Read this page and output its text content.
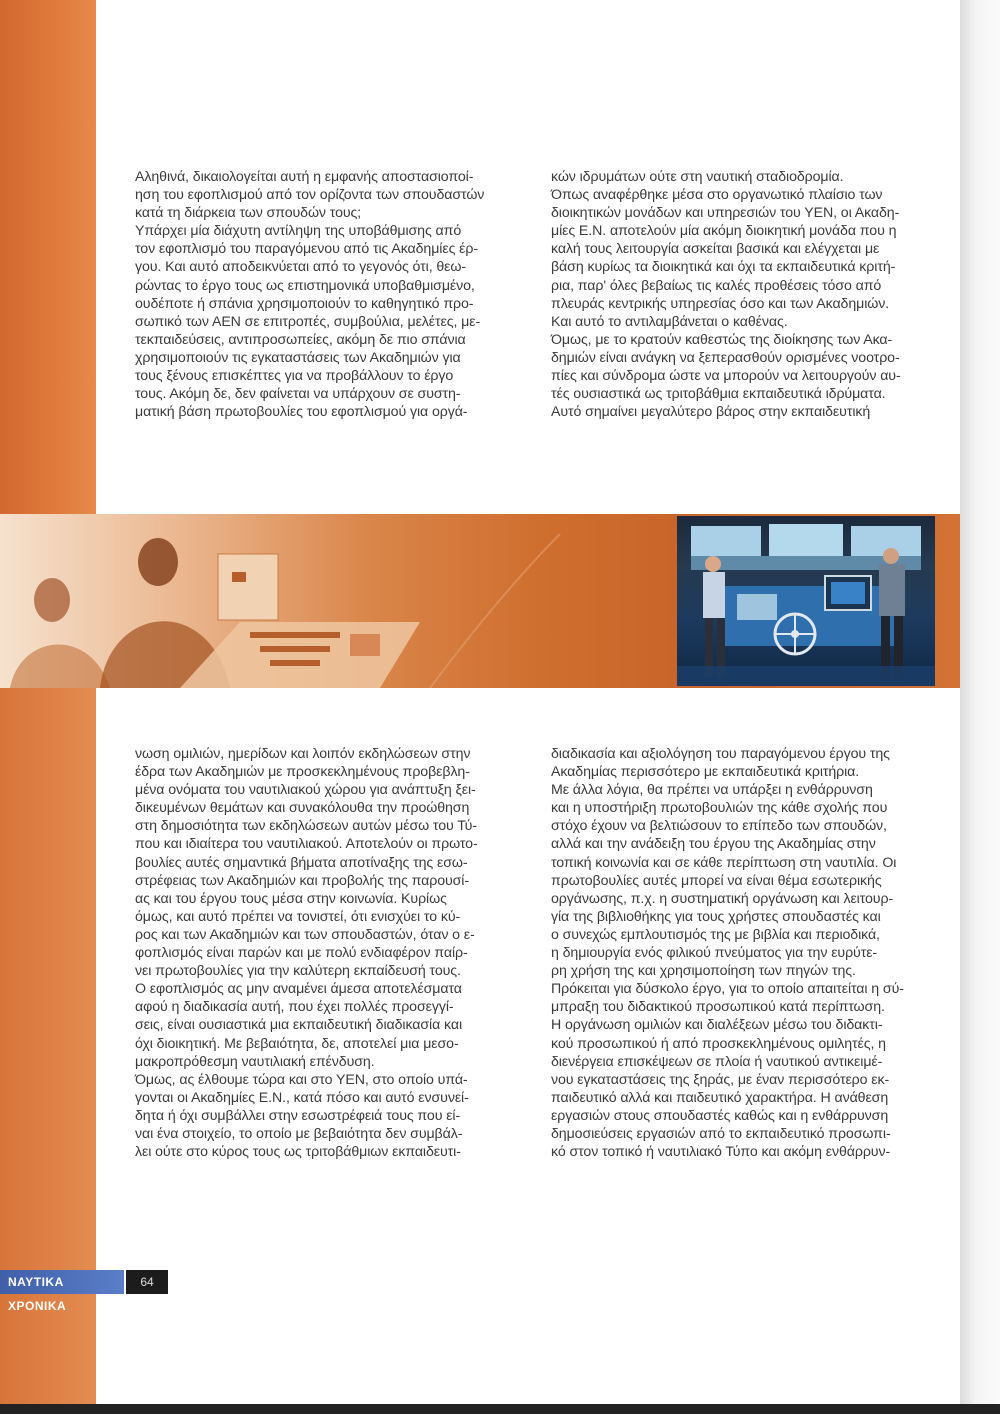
Αληθινά, δικαιολογείται αυτή η εμφανής αποστασιοποί-
ηση του εφοπλισμού από τον ορίζοντα των σπουδαστών
κατά τη διάρκεια των σπουδών τους;
Υπάρχει μία διάχυτη αντίληψη της υποβάθμισης από
τον εφοπλισμό του παραγόμενου από τις Ακαδημίες έρ-
γου. Και αυτό αποδεικνύεται από το γεγονός ότι, θεω-
ρώντας το έργο τους ως επιστημονικά υποβαθμισμένο,
ουδέποτε ή σπάνια χρησιμοποιούν το καθηγητικό προ-
σωπικό των ΑΕΝ σε επιτροπές, συμβούλια, μελέτες, με-
τεκπαιδεύσεις, αντιπροσωπείες, ακόμη δε πιο σπάνια
χρησιμοποιούν τις εγκαταστάσεις των Ακαδημιών για
τους ξένους επισκέπτες για να προβάλλουν το έργο
τους. Ακόμη δε, δεν φαίνεται να υπάρχουν σε συστη-
ματική βάση πρωτοβουλίες του εφοπλισμού για οργά-
κών ιδρυμάτων ούτε στη ναυτική σταδιοδρομία.
Όπως αναφέρθηκε μέσα στο οργανωτικό πλαίσιο των
διοικητικών μονάδων και υπηρεσιών του ΥΕΝ, οι Ακαδη-
μίες Ε.Ν. αποτελούν μία ακόμη διοικητική μονάδα που η
καλή τους λειτουργία ασκείται βασικά και ελέγχεται με
βάση κυρίως τα διοικητικά και όχι τα εκπαιδευτικά κριτή-
ρια, παρ' όλες βεβαίως τις καλές προθέσεις τόσο από
πλευράς κεντρικής υπηρεσίας όσο και των Ακαδημιών.
Και αυτό το αντιλαμβάνεται ο καθένας.
Όμως, με το κρατούν καθεστώς της διοίκησης των Ακα-
δημιών είναι ανάγκη να ξεπερασθούν ορισμένες νοοτρο-
πίες και σύνδρομα ώστε να μπορούν να λειτουργούν αυ-
τές ουσιαστικά ως τριτοβάθμια εκπαιδευτικά ιδρύματα.
Αυτό σημαίνει μεγαλύτερο βάρος στην εκπαιδευτική
νωση ομιλιών, ημερίδων και λοιπόν εκδηλώσεων στην
έδρα των Ακαδημιών με προσκεκλημένους προβεβλη-
μένα ονόματα του ναυτιλιακού χώρου για ανάπτυξη ξει-
δικευμένων θεμάτων και συνακόλουθα την προώθηση
στη δημοσιότητα των εκδηλώσεων αυτών μέσω του Τύ-
που και ιδιαίτερα του ναυτιλιακού. Αποτελούν οι πρωτο-
βουλίες αυτές σημαντικά βήματα αποτίναξης της εσω-
στρέφειας των Ακαδημιών και προβολής της παρουσί-
ας και του έργου τους μέσα στην κοινωνία. Κυρίως
όμως, και αυτό πρέπει να τονιστεί, ότι ενισχύει το κύ-
ρος και των Ακαδημιών και των σπουδαστών, όταν ο ε-
φοπλισμός είναι παρών και με πολύ ενδιαφέρον παίρ-
νει πρωτοβουλίες για την καλύτερη εκπαίδευσή τους.
Ο εφοπλισμός ας μην αναμένει άμεσα αποτελέσματα
αφού η διαδικασία αυτή, που έχει πολλές προσεγγί-
σεις, είναι ουσιαστικά μια εκπαιδευτική διαδικασία και
όχι διοικητική. Με βεβαιότητα, δε, αποτελεί μια μεσο-
μακροπρόθεσμη ναυτιλιακή επένδυση.
Όμως, ας έλθουμε τώρα και στο ΥΕΝ, στο οποίο υπά-
γονται οι Ακαδημίες Ε.Ν., κατά πόσο και αυτό ενσυνεί-
δητα ή όχι συμβάλλει στην εσωστρέφειά τους που εί-
ναι ένα στοιχείο, το οποίο με βεβαιότητα δεν συμβάλ-
λει ούτε στο κύρος τους ως τριτοβάθμιων εκπαιδευτι-
διαδικασία και αξιολόγηση του παραγόμενου έργου της
Ακαδημίας περισσότερο με εκπαιδευτικά κριτήρια.
Με άλλα λόγια, θα πρέπει να υπάρξει η ενθάρρυνση
και η υποστήριξη πρωτοβουλιών της κάθε σχολής που
στόχο έχουν να βελτιώσουν το επίπεδο των σπουδών,
αλλά και την ανάδειξη του έργου της Ακαδημίας στην
τοπική κοινωνία και σε κάθε περίπτωση στη ναυτιλία. Οι
πρωτοβουλίες αυτές μπορεί να είναι θέμα εσωτερικής
οργάνωσης, π.χ. η συστηματική οργάνωση και λειτουρ-
γία της βιβλιοθήκης για τους χρήστες σπουδαστές και
ο συνεχώς εμπλουτισμός της με βιβλία και περιοδικά,
η δημιουργία ενός φιλικού πνεύματος για την ευρύτε-
ρη χρήση της και χρησιμοποίηση των πηγών της.
Πρόκειται για δύσκολο έργο, για το οποίο απαιτείται η σύ-
μπραξη του διδακτικού προσωπικού κατά περίπτωση.
Η οργάνωση ομιλιών και διαλέξεων μέσω του διδακτι-
κού προσωπικού ή από προσκεκλημένους ομιλητές, η
διενέργεια επισκέψεων σε πλοία ή ναυτικού αντικειμέ-
νου εγκαταστάσεις της ξηράς, με έναν περισσότερο εκ-
παιδευτικό αλλά και παιδευτικό χαρακτήρα. Η ανάθεση
εργασιών στους σπουδαστές καθώς και η ενθάρρυνση
δημοσιεύσεις εργασιών από το εκπαιδευτικό προσωπι-
κό στον τοπικό ή ναυτιλιακό Τύπο και ακόμη ενθάρρυν-
ΝΑΥΤΙΚΑ ΧΡΟΝΙΚΑ
64
